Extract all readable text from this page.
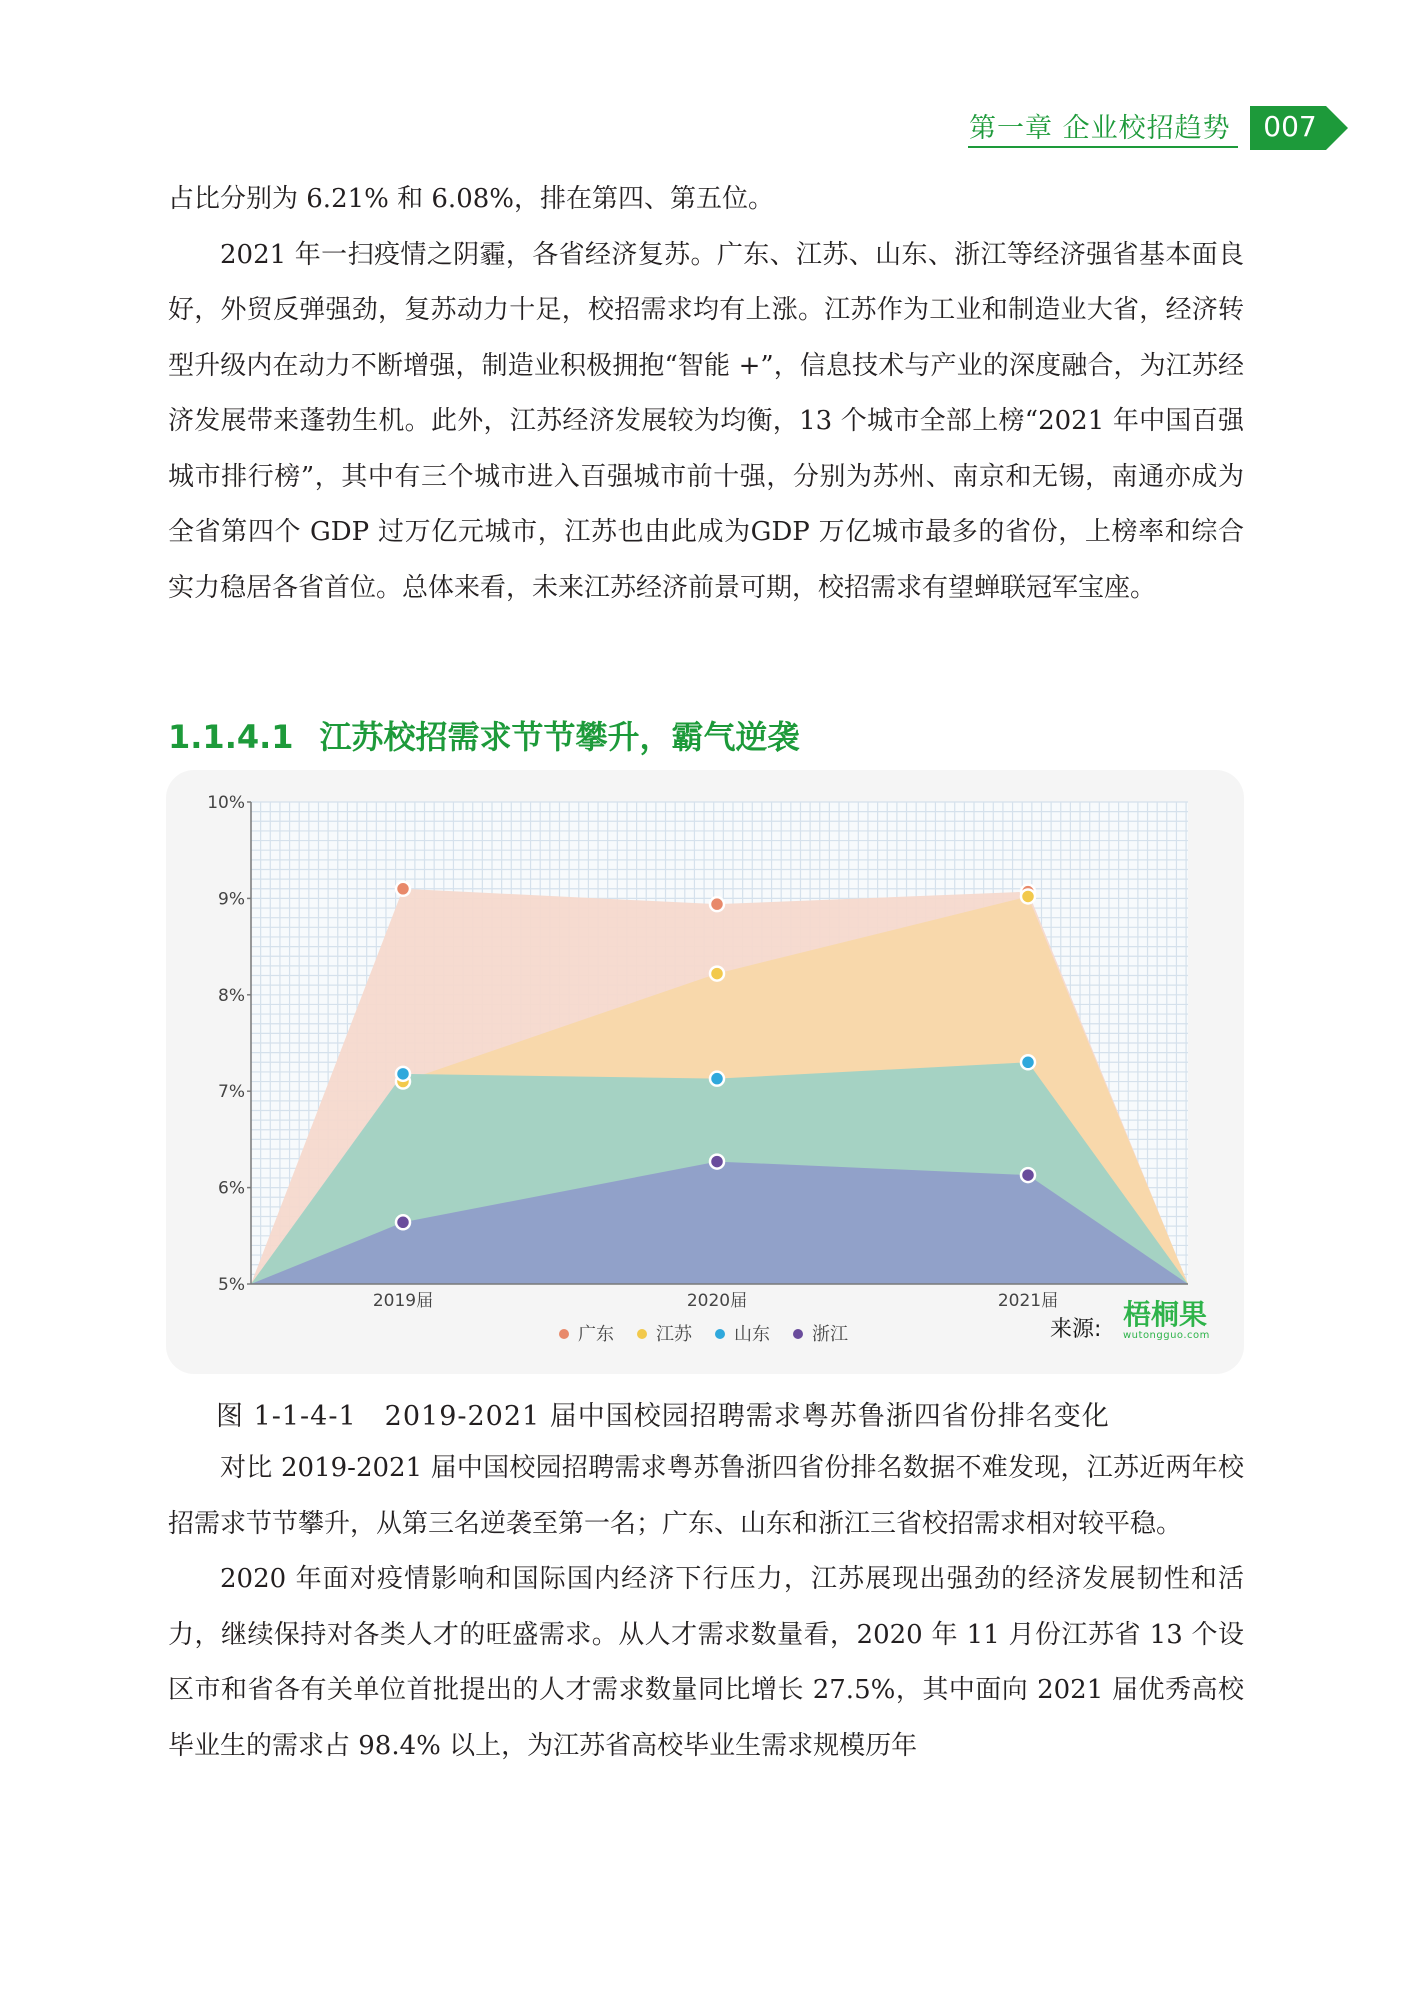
第一章 企业校招趋势	007

占比分别为 6.21% 和 6.08%，排在第四、第五位。

2021 年一扫疫情之阴霾，各省经济复苏。广东、江苏、山东、浙江等经济强省基本面良好，外贸反弹强劲，复苏动力十足，校招需求均有上涨。江苏作为工业和制造业大省，经济转型升级内在动力不断增强，制造业积极拥抱“智能 +”，信息技术与产业的深度融合，为江苏经济发展带来蓬勃生机。此外，江苏经济发展较为均衡，13 个城市全部上榜“2021 年中国百强城市排行榜”，其中有三个城市进入百强城市前十强，分别为苏州、南京和无锡，南通亦成为全省第四个 GDP 过万亿元城市，江苏也由此成为GDP 万亿城市最多的省份，上榜率和综合实力稳居各省首位。总体来看，未来江苏经济前景可期，校招需求有望蝉联冠军宝座。

1.1.4.1 江苏校招需求节节攀升，霸气逆袭
5%
6%
7%
8%
9%
10%
2019届	2020届	2021届
广东 江苏 山东 浙江	来源: 梧桐果
wutongguo.com
图 1-1-4-1　2019-2021 届中国校园招聘需求粤苏鲁浙四省份排名变化

对比 2019-2021 届中国校园招聘需求粤苏鲁浙四省份排名数据不难发现，江苏近两年校招需求节节攀升，从第三名逆袭至第一名；广东、山东和浙江三省校招需求相对较平稳。

2020 年面对疫情影响和国际国内经济下行压力，江苏展现出强劲的经济发展韧性和活力，继续保持对各类人才的旺盛需求。从人才需求数量看，2020 年 11 月份江苏省 13 个设区市和省各有关单位首批提出的人才需求数量同比增长 27.5%，其中面向 2021 届优秀高校毕业生的需求占 98.4% 以上，为江苏省高校毕业生需求规模历年
